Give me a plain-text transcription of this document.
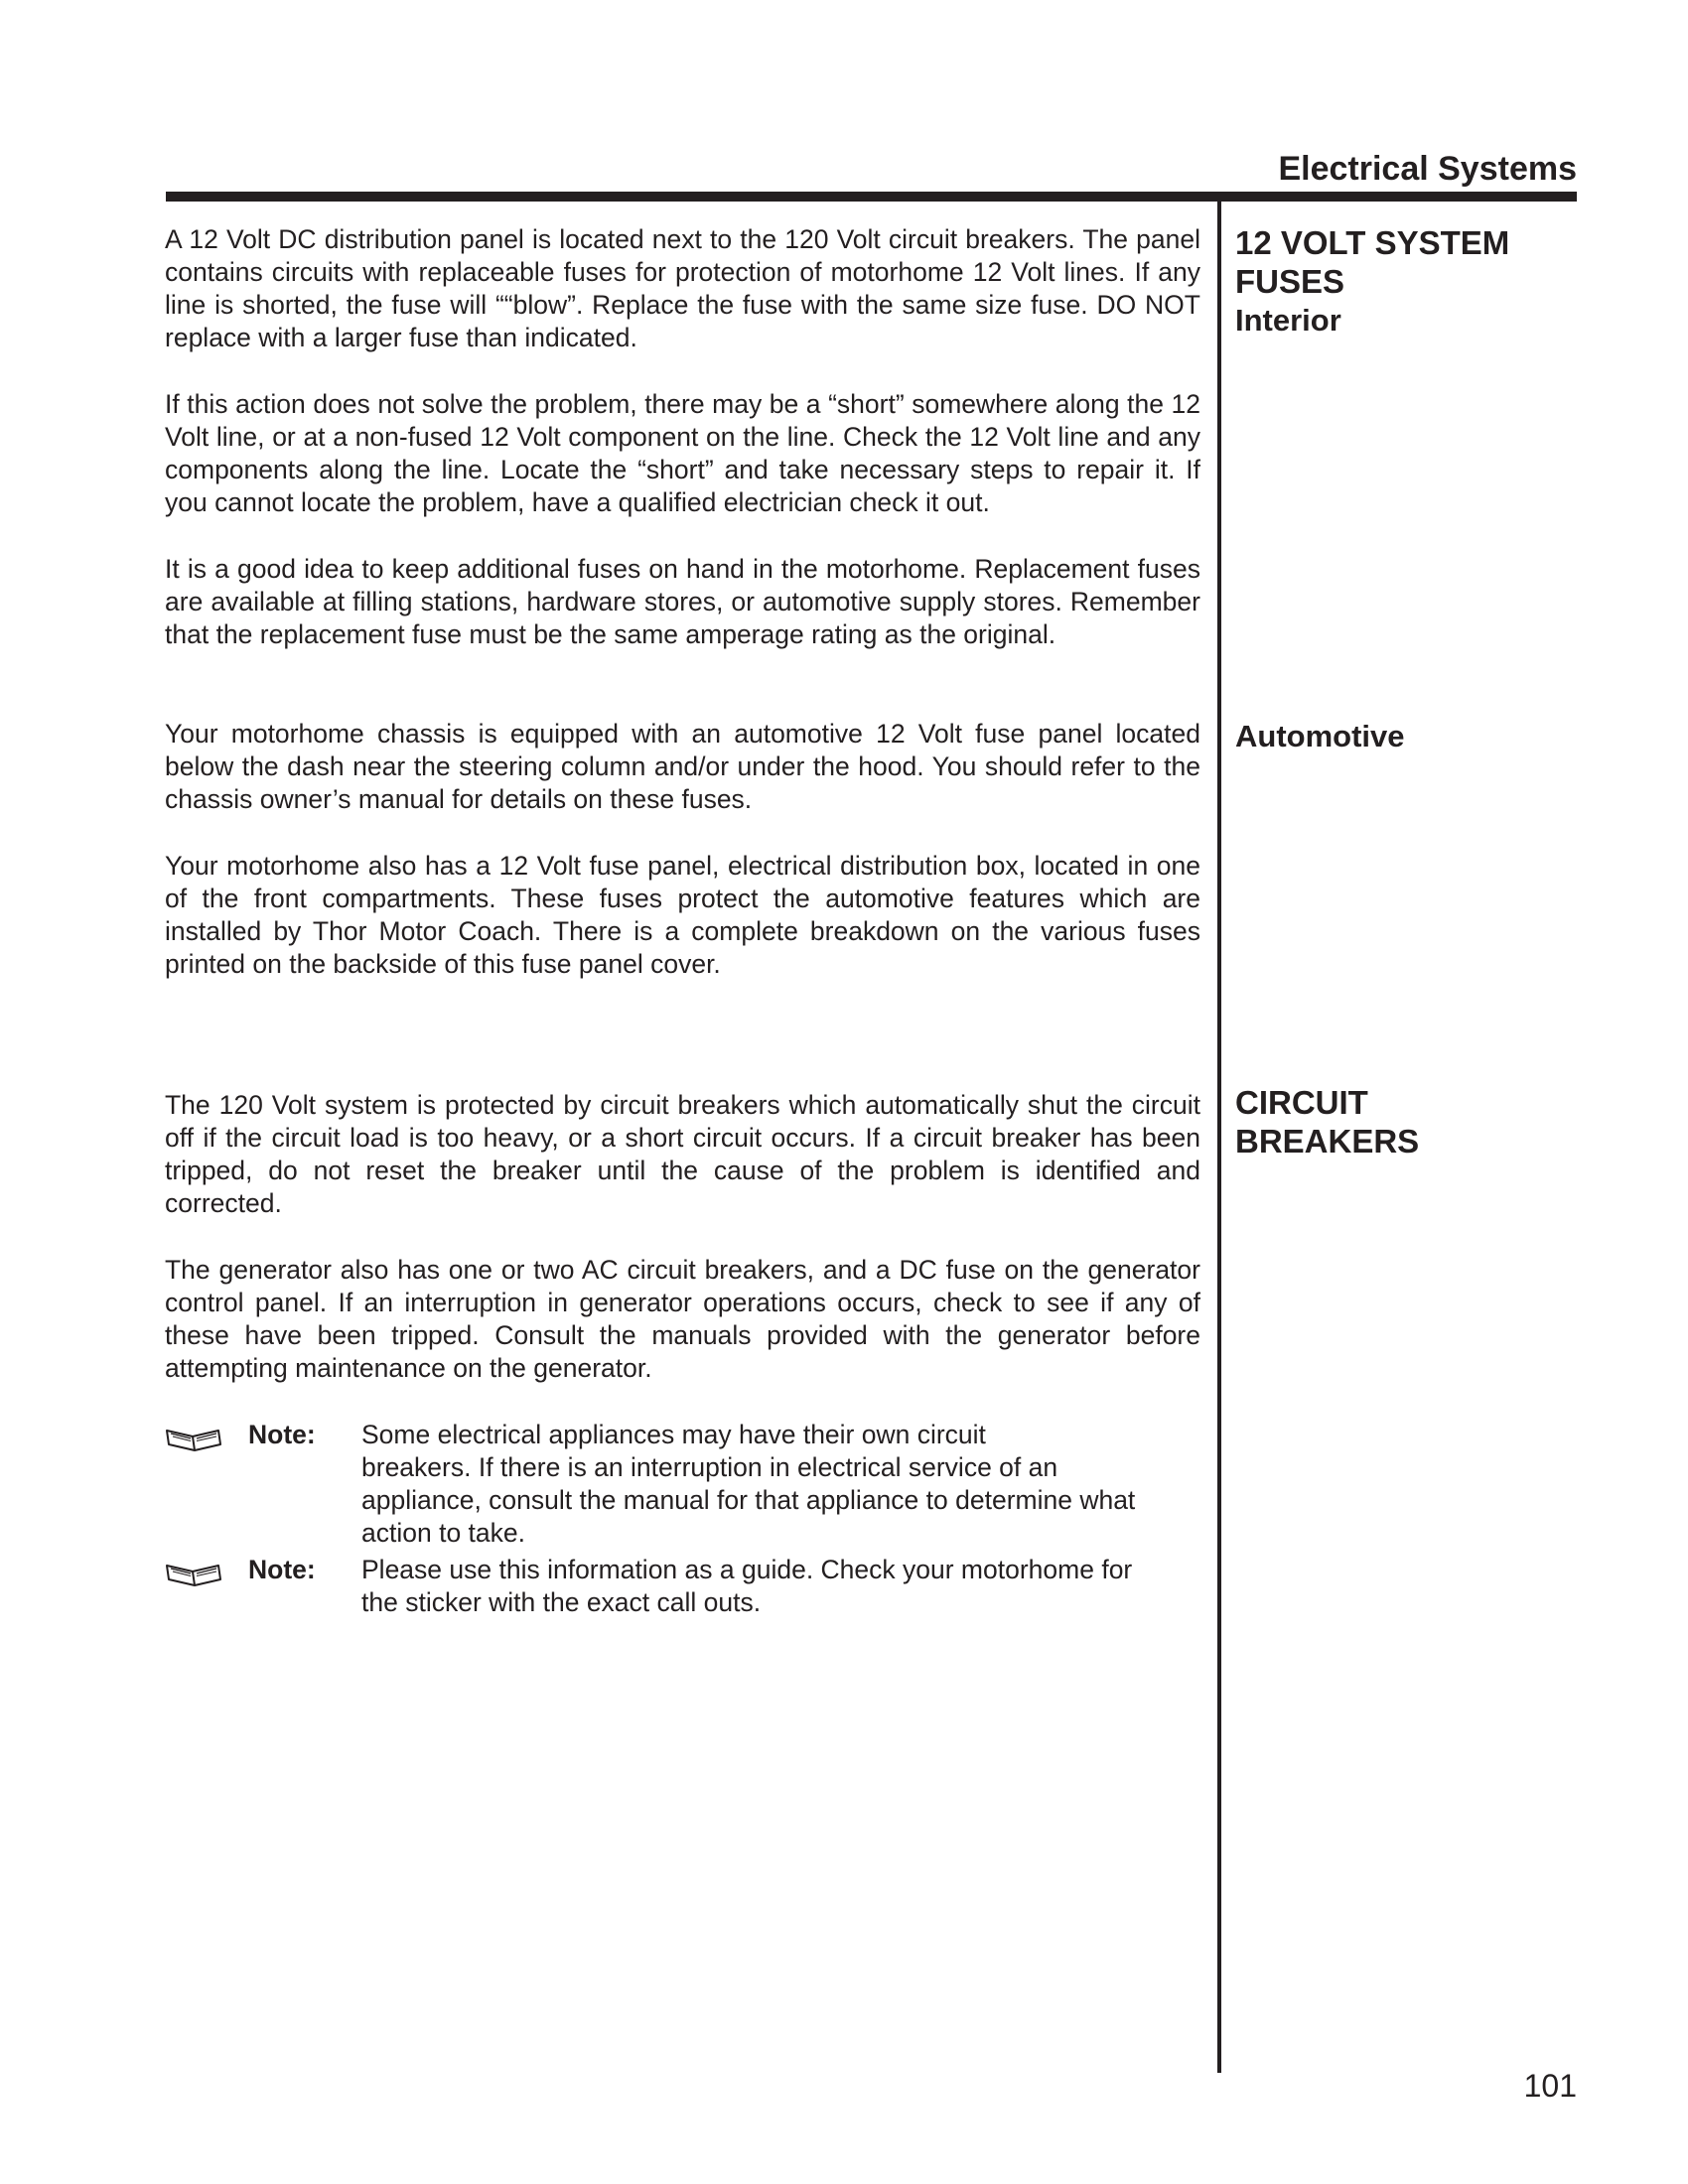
Electrical Systems

A 12 Volt DC distribution panel is located next to the 120 Volt circuit breakers. The panel contains circuits with replaceable fuses for protection of motorhome 12 Volt lines. If any line is shorted, the fuse will ““blow”. Replace the fuse with the same size fuse. DO NOT replace with a larger fuse than indicated.

If this action does not solve the problem, there may be a “short” somewhere along the 12 Volt line, or at a non-fused 12 Volt component on the line. Check the 12 Volt line and any components along the line. Locate the “short” and take necessary steps to repair it. If you cannot locate the problem, have a qualified electrician check it out.

It is a good idea to keep additional fuses on hand in the motorhome. Replacement fuses are available at filling stations, hardware stores, or automotive supply stores. Remember that the replacement fuse must be the same amperage rating as the original.

Your motorhome chassis is equipped with an automotive 12 Volt fuse panel located below the dash near the steering column and/or under the hood. You should refer to the chassis owner’s manual for details on these fuses.

Your motorhome also has a 12 Volt fuse panel, electrical distribution box, located in one of the front compartments. These fuses protect the automotive features which are installed by Thor Motor Coach. There is a complete breakdown on the various fuses printed on the backside of this fuse panel cover.

The 120 Volt system is protected by circuit breakers which automatically shut the circuit off if the circuit load is too heavy, or a short circuit occurs. If a circuit breaker has been tripped, do not reset the breaker until the cause of the problem is identified and corrected.

The generator also has one or two AC circuit breakers, and a DC fuse on the generator control panel. If an interruption in generator operations occurs, check to see if any of these have been tripped. Consult the manuals provided with the generator before attempting maintenance on the generator.

12 VOLT SYSTEM
FUSES
Interior
Automotive
CIRCUIT
BREAKERS
Note: Some electrical appliances may have their own circuit
breakers. If there is an interruption in electrical service of an
appliance, consult the manual for that appliance to determine what
action to take.
Note: Please use this information as a guide. Check your motorhome for
the sticker with the exact call outs.
101
